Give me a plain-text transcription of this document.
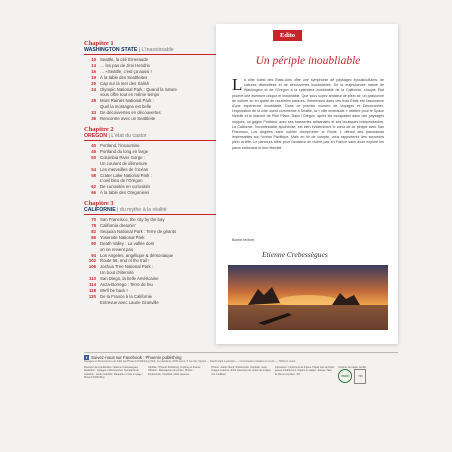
Chapitre 1
WASHINGTON STATE | L'inassissable
10 Seattle, la cité Émeraude
14 … les pas de Jimi Hendrix
16 … «Seattle, c'est ça aussi !
19 À la table des Seattleites
20 Cap sur la mer des Salish
24 Olympic National Park : Quand la nature
vous offre tout en même temps
28 Mont Rainier National Park :
Quel la montagne est belle
33 De découvertes en découvertes
36 Rencontre avec un Seattleite
Chapitre 2
OREGON | L'état du castor
40 Portland, l'insoumise
46 Portland du long en large
50 Columbia River Gorge :
Un courant de démesure
54 Les merveilles de l'océan
58 Crater Lake National Park :
L'oeil bleu de l'Oregon
62 De curiosités en curiosités
66 À la table des Oregoniens
Chapitre 3
CALIFORNIE | du mythe à la réalité
70 San Francisco, the city by the bay
78 California dreamin'
82 Sequoia National Park : Terre de géants
86 Yosemite National Park
90 Death Valley : La vallée dont
on ne revient pas
94 Los Angeles, angélique & démoniaque
102 Route 66, end of the trail !
106 Joshua Tree National Park :
Un bout d'éternité
110 San Diego, la belle Américaine
114 Anza-Borrego : Terre de feu
118 We'll be back !
120 De la France à la Californie
Entrevue avec Laurie Granville
Edito
Un périple inoubliable
La côte ouest des États-Unis offre une symphonie de paysages époustouflants, de cultures diversifiées et de découvertes inoubliables. De la majestueuse nature de Washington et de l'Oregon à la splendeur inoubliable de la Californie, chaque État promet une aventure unique et inoubliable. Que vous soyez amateur de plein air, un passionné de culture ou en quête de nouvelles saveurs, l'immersion dans ces trois États est l'assurance d'une expérience inoubliable. Dans ce premier numéro de Voyages et Découvertes, l'exploration de la côte ouest commence à Seattle, la « ville émeraude » célèbre pour le Space Needle et le marché de Pike Place. Dans l'Oregon, après les escapades dans des paysages uniques, on gagne Portland, avec ses brasseries artisanales et ses boutiques indépendantes. La Californie, l'incontestable apothéose, est bien évidemment le cœur de ce périple avec San Francisco, Los Angeles sans oublier d'emprunter la Route 1 offrant des panoramas impensables sur l'océan Pacifique. Mais en fin de compte, vous rapporterez des souvenirs plein la tête. Le parcours idéal pour l'amateur de rivière pas en France sans avoir exploré les parcs nationaux et leur éternité.
Bonne lecture,
Etienne Crebessègues
f Suivez-nous sur Facebook : Phoenix publishing
Voyages et découvertes est édité par Phoenix Publishing SAS, au capital de 1000 euros, 9 rue des Vignes — Dépôt légal à parution — Commission paritaire en cours — ISSN en cours.
Directeur de la publication : Etienne Crebessègues. Rédaction : Voyages et Découvertes. Secrétariat de rédaction : Laurie Granville. Maquette et mise en page : Phoenix Publishing.
Publicité : Phoenix Publishing. Imprimé en France. Diffusion : Messageries de presse. Photos : Shutterstock, Unsplash, droits réservés.
Photos : Adobe Stock, Shutterstock, Unsplash, Getty Images et autres, droits réservés pour toutes les images non créditées.
Impression : Imprimerie de France. Papier issu de forêts gérées durablement. Origine du papier : Europe. Taux de fibres recyclées : 0%.
Imprimé sur papier certifié
PEFC	TRI
